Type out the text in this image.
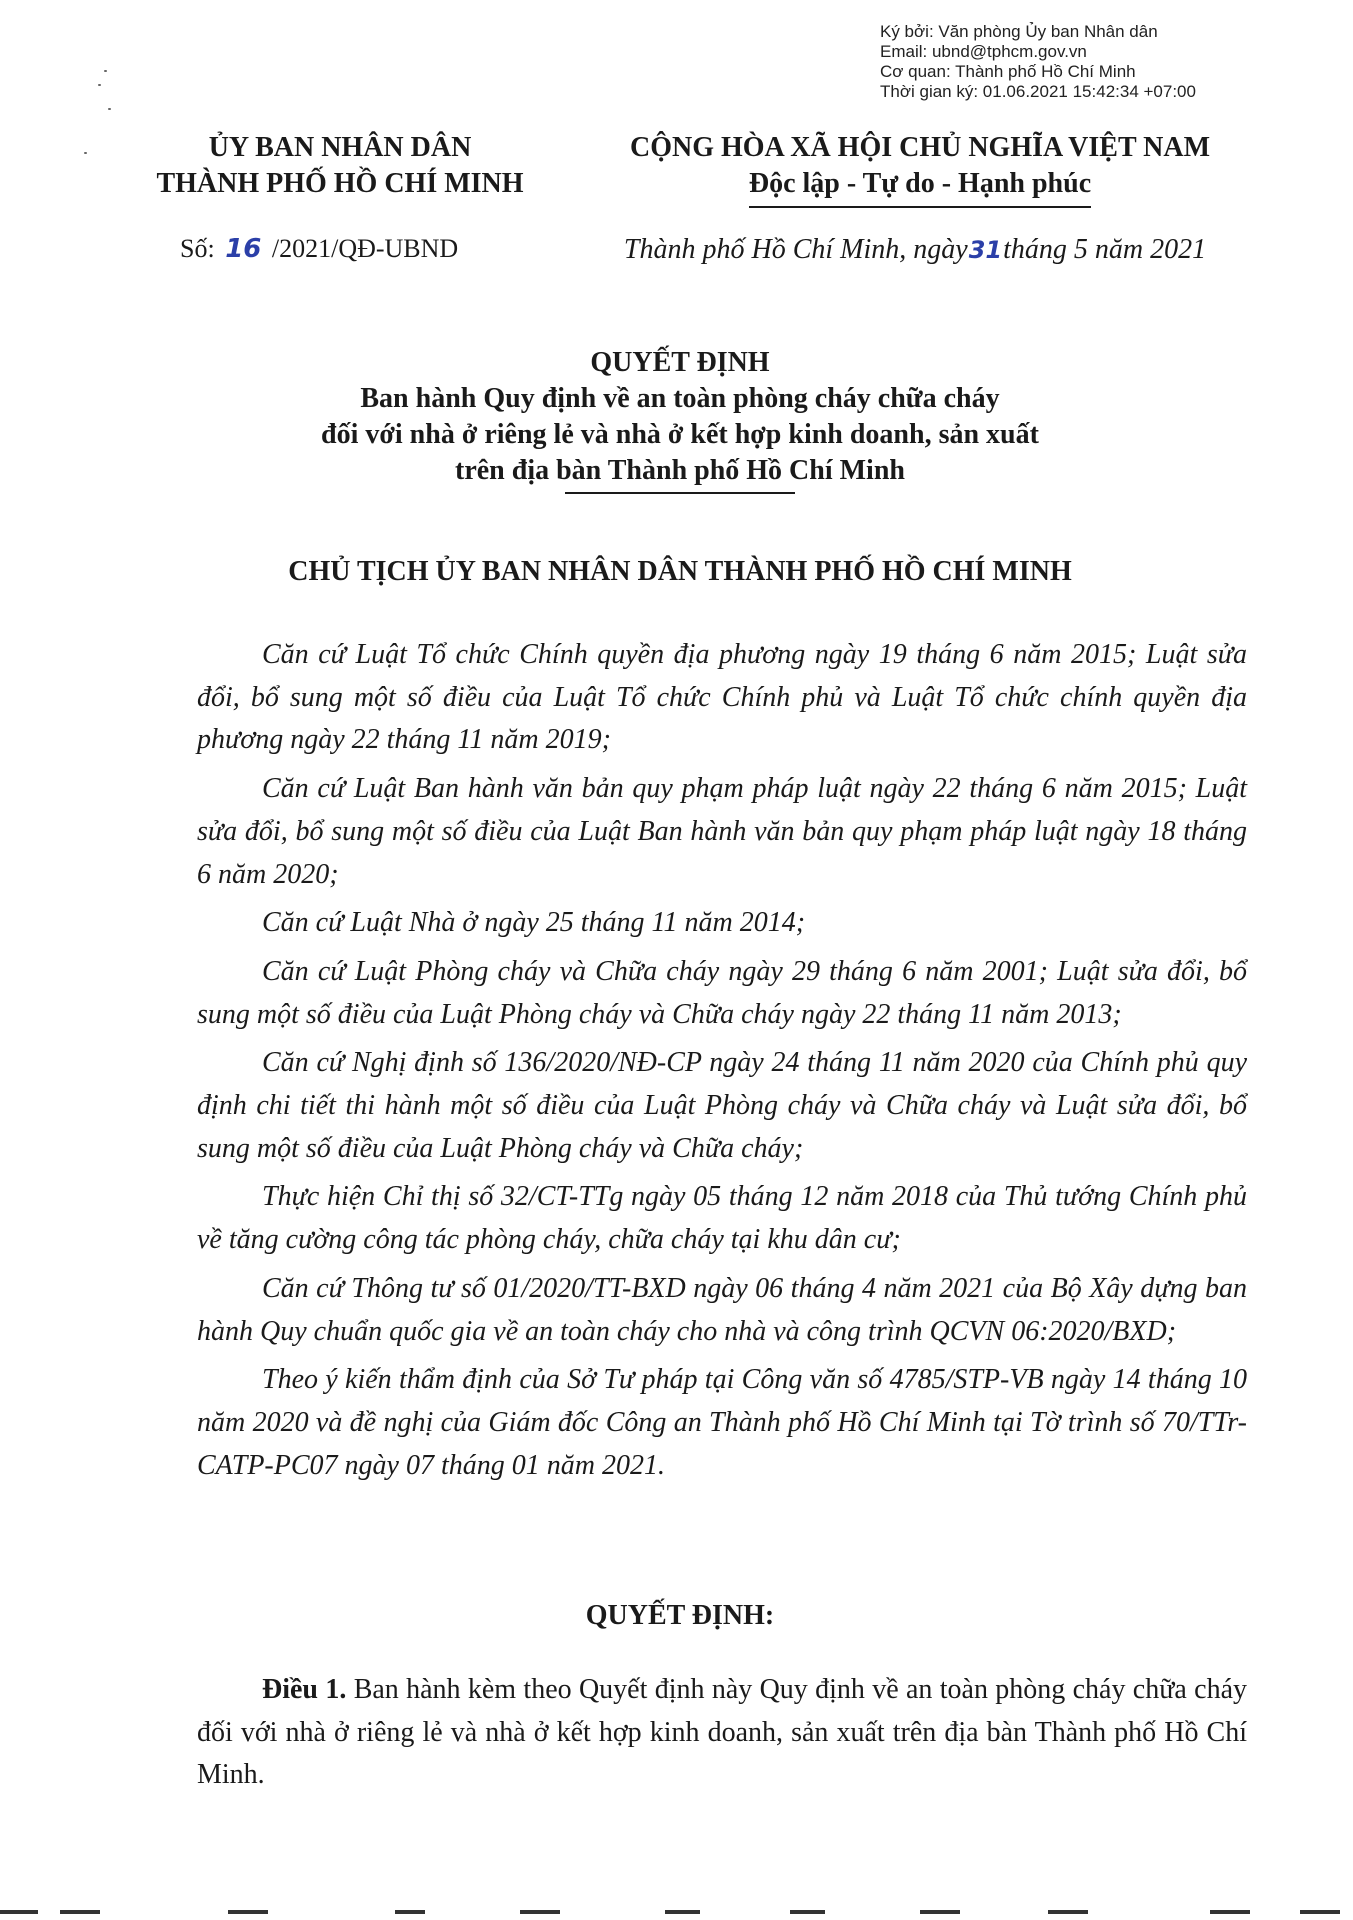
Ký bởi: Văn phòng Ủy ban Nhân dân
Email: ubnd@tphcm.gov.vn
Cơ quan: Thành phố Hồ Chí Minh
Thời gian ký: 01.06.2021 15:42:34 +07:00
ỦY BAN NHÂN DÂN
THÀNH PHỐ HỒ CHÍ MINH
CỘNG HÒA XÃ HỘI CHỦ NGHĨA VIỆT NAM
Độc lập - Tự do - Hạnh phúc
Số: 16 /2021/QĐ-UBND	Thành phố Hồ Chí Minh, ngày31tháng 5 năm 2021
QUYẾT ĐỊNH
Ban hành Quy định về an toàn phòng cháy chữa cháy
đối với nhà ở riêng lẻ và nhà ở kết hợp kinh doanh, sản xuất
trên địa bàn Thành phố Hồ Chí Minh
CHỦ TỊCH ỦY BAN NHÂN DÂN THÀNH PHỐ HỒ CHÍ MINH

Căn cứ Luật Tổ chức Chính quyền địa phương ngày 19 tháng 6 năm 2015; Luật sửa đổi, bổ sung một số điều của Luật Tổ chức Chính phủ và Luật Tổ chức chính quyền địa phương ngày 22 tháng 11 năm 2019;

Căn cứ Luật Ban hành văn bản quy phạm pháp luật ngày 22 tháng 6 năm 2015; Luật sửa đổi, bổ sung một số điều của Luật Ban hành văn bản quy phạm pháp luật ngày 18 tháng 6 năm 2020;

Căn cứ Luật Nhà ở ngày 25 tháng 11 năm 2014;

Căn cứ Luật Phòng cháy và Chữa cháy ngày 29 tháng 6 năm 2001; Luật sửa đổi, bổ sung một số điều của Luật Phòng cháy và Chữa cháy ngày 22 tháng 11 năm 2013;

Căn cứ Nghị định số 136/2020/NĐ-CP ngày 24 tháng 11 năm 2020 của Chính phủ quy định chi tiết thi hành một số điều của Luật Phòng cháy và Chữa cháy và Luật sửa đổi, bổ sung một số điều của Luật Phòng cháy và Chữa cháy;

Thực hiện Chỉ thị số 32/CT-TTg ngày 05 tháng 12 năm 2018 của Thủ tướng Chính phủ về tăng cường công tác phòng cháy, chữa cháy tại khu dân cư;

Căn cứ Thông tư số 01/2020/TT-BXD ngày 06 tháng 4 năm 2021 của Bộ Xây dựng ban hành Quy chuẩn quốc gia về an toàn cháy cho nhà và công trình QCVN 06:2020/BXD;

Theo ý kiến thẩm định của Sở Tư pháp tại Công văn số 4785/STP-VB ngày 14 tháng 10 năm 2020 và đề nghị của Giám đốc Công an Thành phố Hồ Chí Minh tại Tờ trình số 70/TTr-CATP-PC07 ngày 07 tháng 01 năm 2021.

QUYẾT ĐỊNH:

Điều 1. Ban hành kèm theo Quyết định này Quy định về an toàn phòng cháy chữa cháy đối với nhà ở riêng lẻ và nhà ở kết hợp kinh doanh, sản xuất trên địa bàn Thành phố Hồ Chí Minh.
